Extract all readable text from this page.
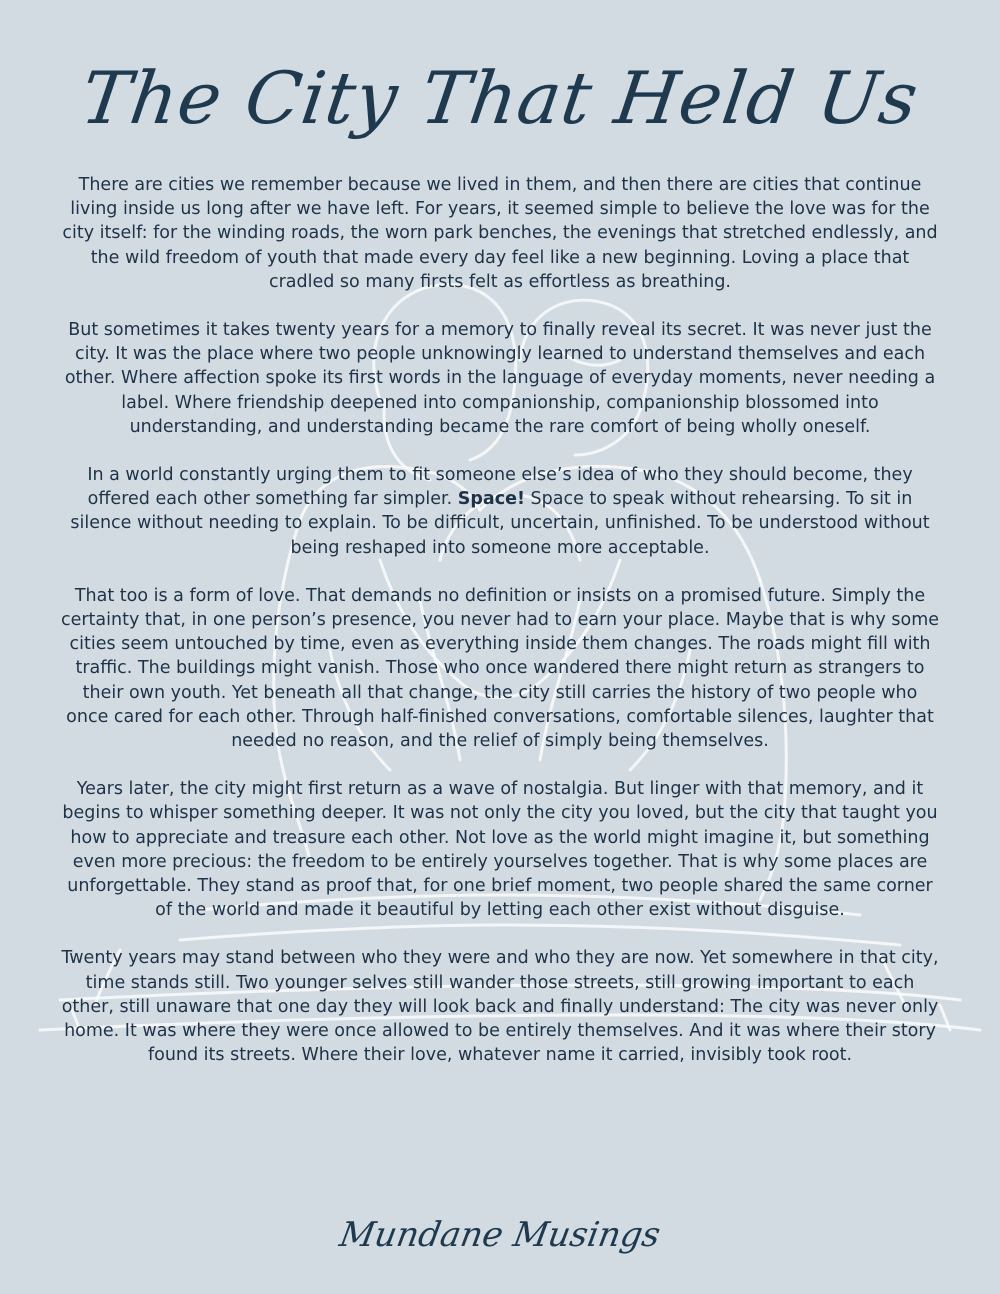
The City That Held Us

There are cities we remember because we lived in them, and then there are cities that continue living inside us long after we have left. For years, it seemed simple to believe the love was for the city itself: for the winding roads, the worn park benches, the evenings that stretched endlessly, and the wild freedom of youth that made every day feel like a new beginning. Loving a place that cradled so many firsts felt as effortless as breathing.

But sometimes it takes twenty years for a memory to finally reveal its secret. It was never just the city. It was the place where two people unknowingly learned to understand themselves and each other. Where affection spoke its first words in the language of everyday moments, never needing a label. Where friendship deepened into companionship, companionship blossomed into understanding, and understanding became the rare comfort of being wholly oneself.

In a world constantly urging them to fit someone else’s idea of who they should become, they offered each other something far simpler. Space! Space to speak without rehearsing. To sit in silence without needing to explain. To be difficult, uncertain, unfinished. To be understood without being reshaped into someone more acceptable.

That too is a form of love. That demands no definition or insists on a promised future. Simply the certainty that, in one person’s presence, you never had to earn your place. Maybe that is why some cities seem untouched by time, even as everything inside them changes. The roads might fill with traffic. The buildings might vanish. Those who once wandered there might return as strangers to their own youth. Yet beneath all that change, the city still carries the history of two people who once cared for each other. Through half-finished conversations, comfortable silences, laughter that needed no reason, and the relief of simply being themselves.

Years later, the city might first return as a wave of nostalgia. But linger with that memory, and it begins to whisper something deeper. It was not only the city you loved, but the city that taught you how to appreciate and treasure each other. Not love as the world might imagine it, but something even more precious: the freedom to be entirely yourselves together. That is why some places are unforgettable. They stand as proof that, for one brief moment, two people shared the same corner of the world and made it beautiful by letting each other exist without disguise.

Twenty years may stand between who they were and who they are now. Yet somewhere in that city, time stands still. Two younger selves still wander those streets, still growing important to each other, still unaware that one day they will look back and finally understand: The city was never only home. It was where they were once allowed to be entirely themselves. And it was where their story found its streets. Where their love, whatever name it carried, invisibly took root.

Mundane Musings
